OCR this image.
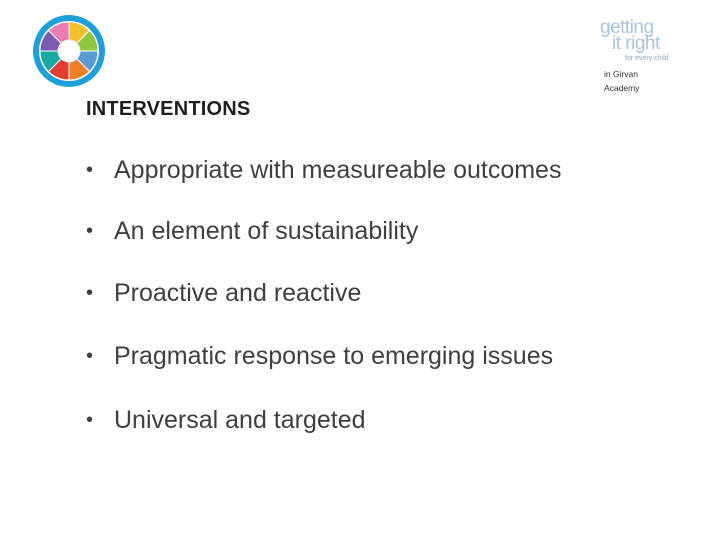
getting
it right
for every child
in Girvan
Academy
INTERVENTIONS
• Appropriate with measureable outcomes
• An element of sustainability
• Proactive and reactive
• Pragmatic response to emerging issues
• Universal and targeted
